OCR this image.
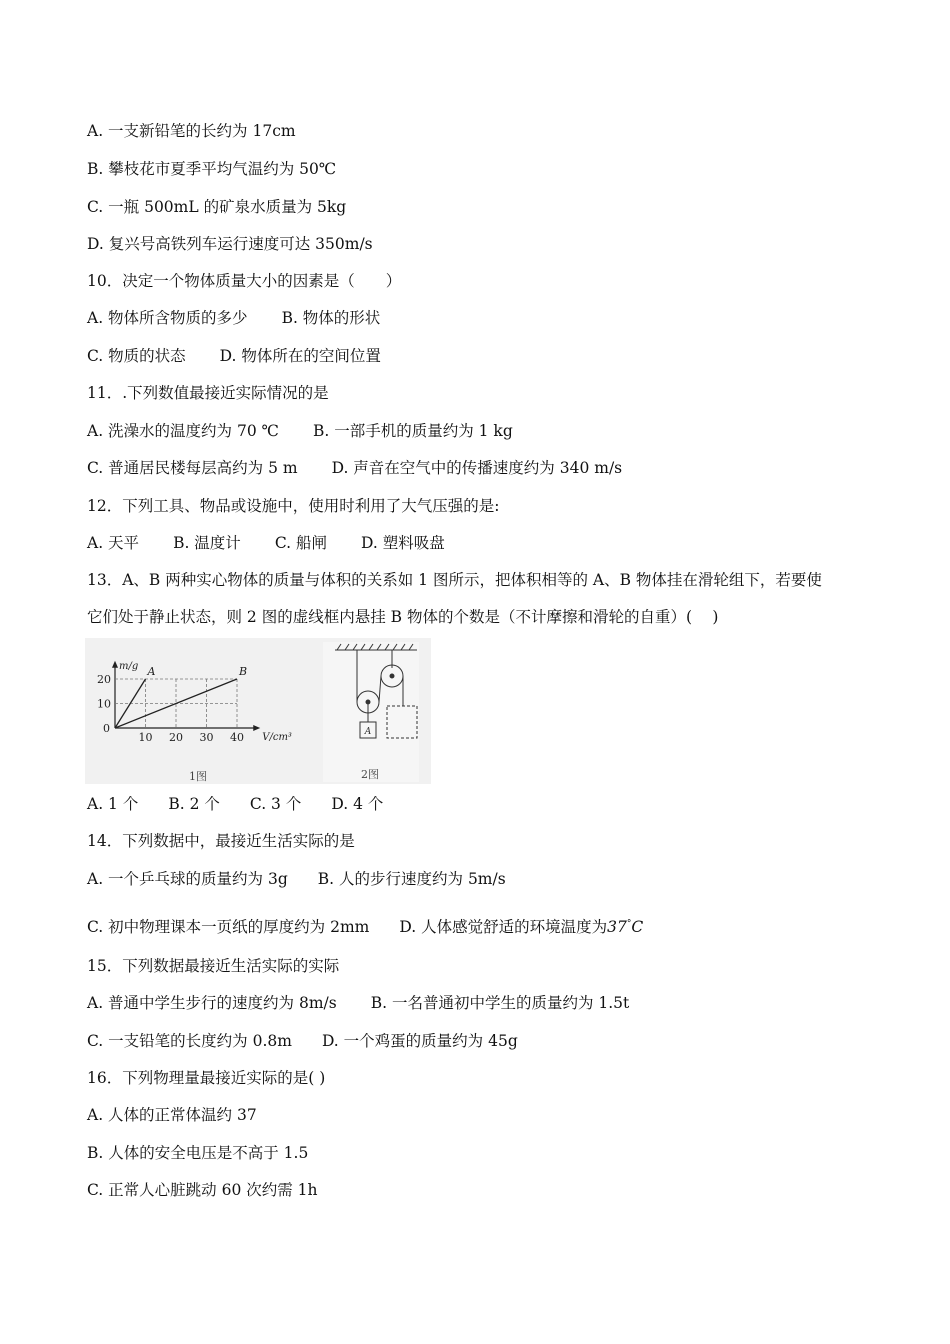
A. 一支新铅笔的长约为 17cm
B. 攀枝花市夏季平均气温约为 50℃
C. 一瓶 500mL 的矿泉水质量为 5kg
D. 复兴号高铁列车运行速度可达 350m/s
10．决定一个物体质量大小的因素是（　　）
A. 物体所含物质的多少 B. 物体的形状
C. 物质的状态 D. 物体所在的空间位置
11．.下列数值最接近实际情况的是
A. 洗澡水的温度约为 70 ℃ B. 一部手机的质量约为 1 kg
C. 普通居民楼每层高约为 5 m D. 声音在空气中的传播速度约为 340 m/s
12．下列工具、物品或设施中，使用时利用了大气压强的是:
A. 天平 B. 温度计 C. 船闸 D. 塑料吸盘
13．A、B 两种实心物体的质量与体积的关系如 1 图所示，把体积相等的 A、B 物体挂在滑轮组下，若要使
它们处于静止状态，则 2 图的虚线框内悬挂 B 物体的个数是（不计摩擦和滑轮的自重）(　 )
10
20
10 20 30 40
0
m/g
V/cm³
A	B
A
1图	2图
A. 1 个 B. 2 个 C. 3 个 D. 4 个
14．下列数据中，最接近生活实际的是
A. 一个乒乓球的质量约为 3g B. 人的步行速度约为 5m/s
C. 初中物理课本一页纸的厚度约为 2mm D. 人体感觉舒适的环境温度为37°C
15．下列数据最接近生活实际的实际
A. 普通中学生步行的速度约为 8m/s B. 一名普通初中学生的质量约为 1.5t
C. 一支铅笔的长度约为 0.8m D. 一个鸡蛋的质量约为 45g
16．下列物理量最接近实际的是( )
A. 人体的正常体温约 37
B. 人体的安全电压是不高于 1.5
C. 正常人心脏跳动 60 次约需 1h
